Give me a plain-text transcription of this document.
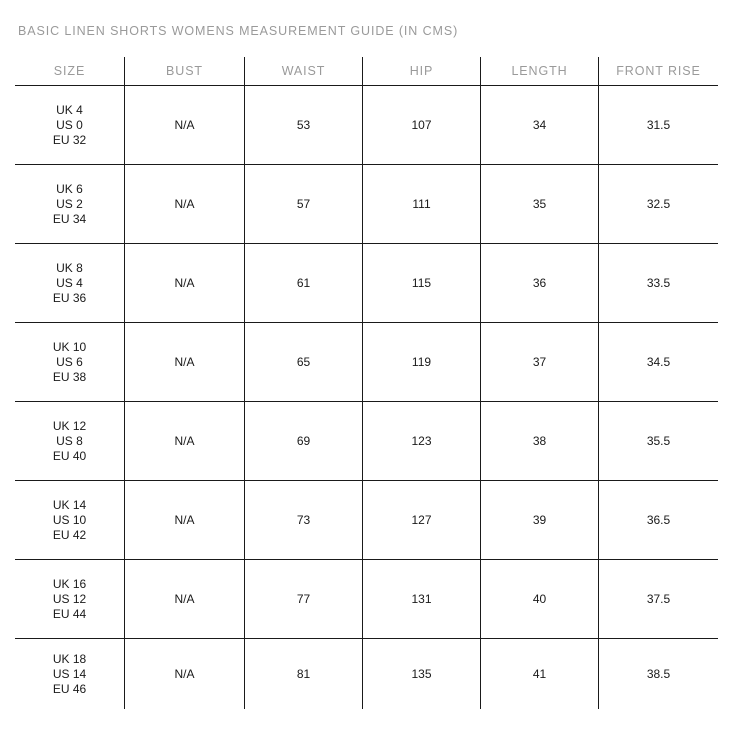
BASIC LINEN SHORTS WOMENS MEASUREMENT GUIDE (IN CMS)
SIZE	BUST	WAIST	HIP	LENGTH	FRONT RISE
UK 4
US 0
EU 32
N/A	53	107	34	31.5
UK 6
US 2
EU 34
N/A	57	111	35	32.5
UK 8
US 4
EU 36
N/A	61	115	36	33.5
UK 10
US 6
EU 38
N/A	65	119	37	34.5
UK 12
US 8
EU 40
N/A	69	123	38	35.5
UK 14
US 10
EU 42
N/A	73	127	39	36.5
UK 16
US 12
EU 44
N/A	77	131	40	37.5
UK 18
US 14
EU 46
N/A	81	135	41	38.5
